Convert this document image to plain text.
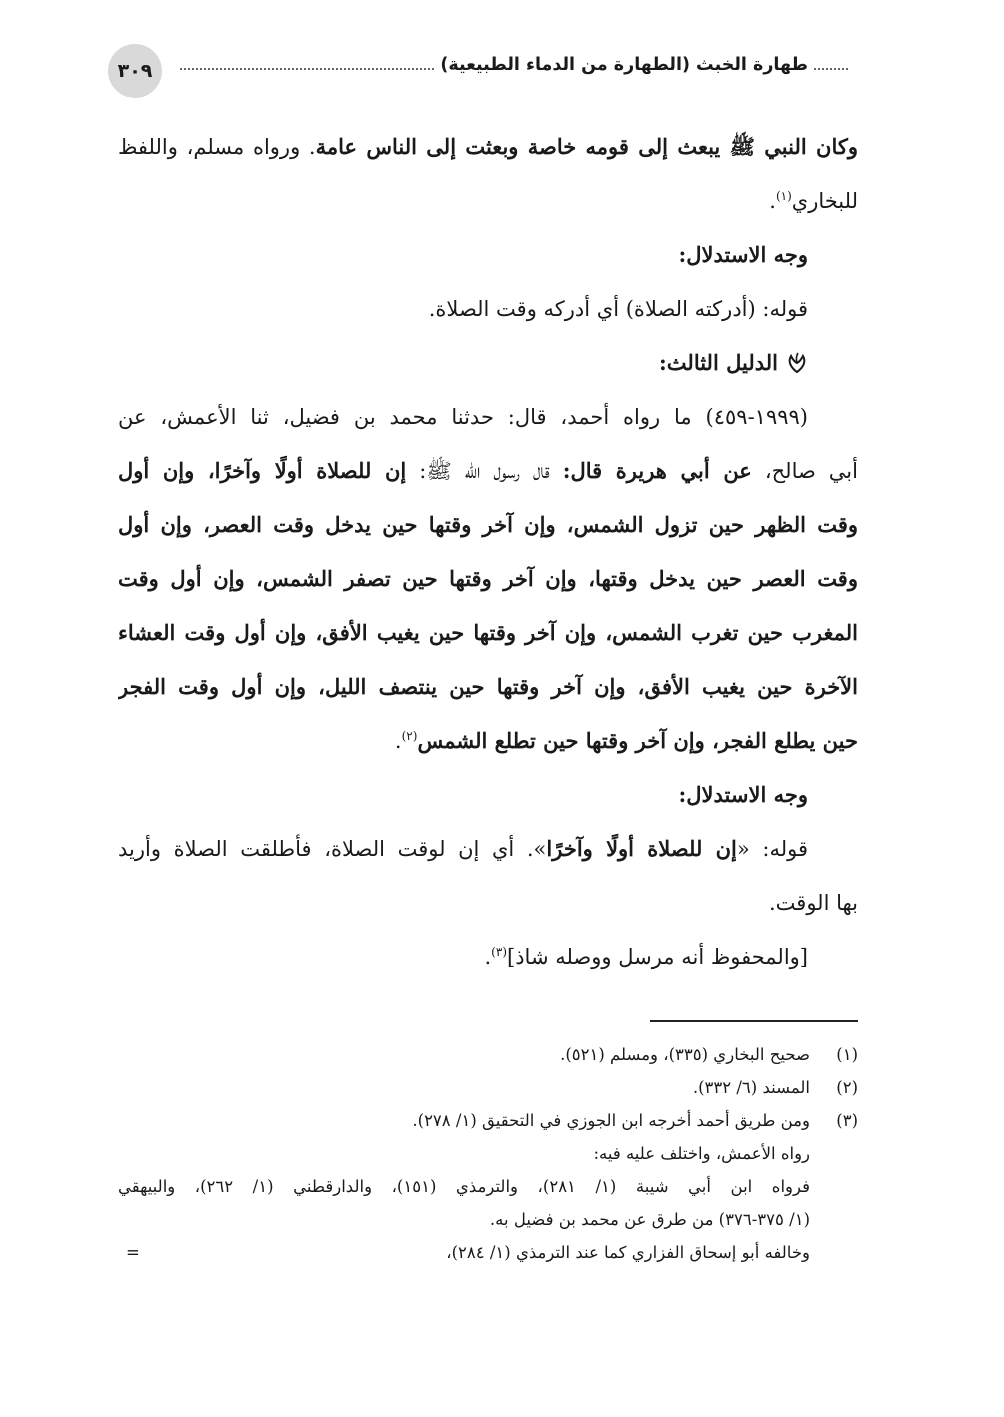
٣٠٩	طهارة الخبث (الطهارة من الدماء الطبيعية)
وكان النبي ﷺ يبعث إلى قومه خاصة وبعثت إلى الناس عامة. ورواه مسلم، واللفظ
للبخاري$^{(١)}$.
وجه الاستدلال:
قوله: (أدركته الصلاة) أي أدركه وقت الصلاة.
الدليل الثالث:
(١٩٩٩-٤٥٩) ما رواه أحمد، قال: حدثنا محمد بن فضيل، ثنا الأعمش، عن
أبي صالح، عن أبي هريرة قال: قال رسول الله ﷺ: إن للصلاة أولًا وآخرًا، وإن أول
وقت الظهر حين تزول الشمس، وإن آخر وقتها حين يدخل وقت العصر، وإن أول
وقت العصر حين يدخل وقتها، وإن آخر وقتها حين تصفر الشمس، وإن أول وقت
المغرب حين تغرب الشمس، وإن آخر وقتها حين يغيب الأفق، وإن أول وقت العشاء
الآخرة حين يغيب الأفق، وإن آخر وقتها حين ينتصف الليل، وإن أول وقت الفجر
حين يطلع الفجر، وإن آخر وقتها حين تطلع الشمس$^{(٢)}$.
وجه الاستدلال:
قوله: «إن للصلاة أولًا وآخرًا». أي إن لوقت الصلاة، فأطلقت الصلاة وأريد
بها الوقت.
[والمحفوظ أنه مرسل ووصله شاذ]$^{(٣)}$.
(١)
صحيح البخاري (٣٣٥)، ومسلم (٥٢١).
(٢)
المسند (٦/ ٣٣٢).
(٣)
ومن طريق أحمد أخرجه ابن الجوزي في التحقيق (١/ ٢٧٨).
رواه الأعمش، واختلف عليه فيه:
فرواه ابن أبي شيبة (١/ ٢٨١)، والترمذي (١٥١)، والدارقطني (١/ ٢٦٢)، والبيهقي
(١/ ٣٧٥-٣٧٦) من طرق عن محمد بن فضيل به.
وخالفه أبو إسحاق الفزاري كما عند الترمذي (١/ ٢٨٤)،
=
